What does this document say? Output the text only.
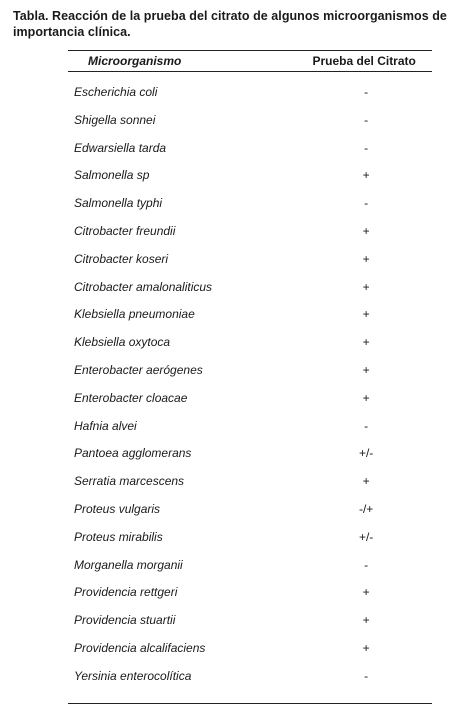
Tabla. Reacción de la prueba del citrato de algunos microorganismos de importancia clínica.
Microorganismo	Prueba del Citrato
Escherichia coli	-
Shigella sonnei	-
Edwarsiella tarda	-
Salmonella sp	+
Salmonella typhi	-
Citrobacter freundii	+
Citrobacter koseri	+
Citrobacter amalonaliticus	+
Klebsiella pneumoniae	+
Klebsiella oxytoca	+
Enterobacter aerógenes	+
Enterobacter cloacae	+
Hafnia alvei	-
Pantoea agglomerans	+/-
Serratia marcescens	+
Proteus vulgaris	-/+
Proteus mirabilis	+/-
Morganella morganii	-
Providencia rettgeri	+
Providencia stuartii	+
Providencia alcalifaciens	+
Yersinia enterocolítica	-
